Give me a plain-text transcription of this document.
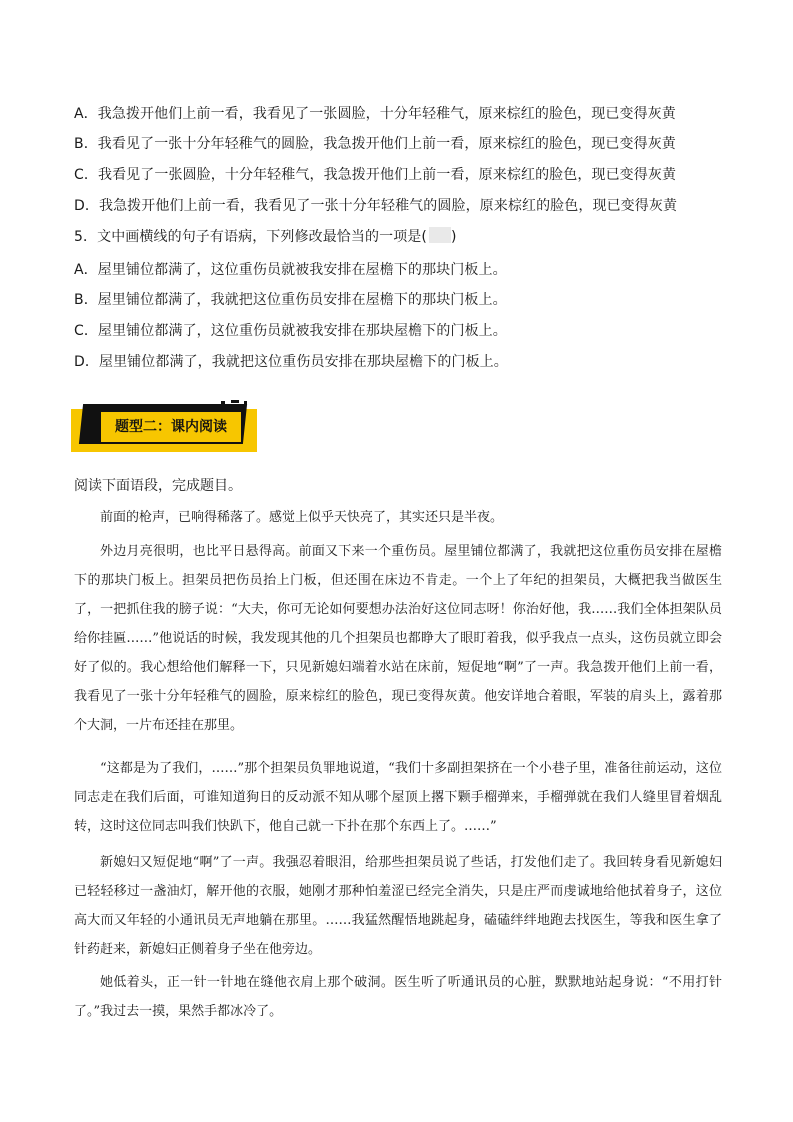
A．我急拨开他们上前一看，我看见了一张圆脸，十分年轻稚气，原来棕红的脸色，现已变得灰黄
B．我看见了一张十分年轻稚气的圆脸，我急拨开他们上前一看，原来棕红的脸色，现已变得灰黄
C．我看见了一张圆脸，十分年轻稚气，我急拨开他们上前一看，原来棕红的脸色，现已变得灰黄
D．我急拨开他们上前一看，我看见了一张十分年轻稚气的圆脸，原来棕红的脸色，现已变得灰黄
5．文中画横线的句子有语病，下列修改最恰当的一项是( )
A．屋里铺位都满了，这位重伤员就被我安排在屋檐下的那块门板上。
B．屋里铺位都满了，我就把这位重伤员安排在屋檐下的那块门板上。
C．屋里铺位都满了，这位重伤员就被我安排在那块屋檐下的门板上。
D．屋里铺位都满了，我就把这位重伤员安排在那块屋檐下的门板上。
题型二：课内阅读
阅读下面语段，完成题目。

前面的枪声，已响得稀落了。感觉上似乎天快亮了，其实还只是半夜。

外边月亮很明，也比平日悬得高。前面又下来一个重伤员。屋里铺位都满了，我就把这位重伤员安排在屋檐下的那块门板上。担架员把伤员抬上门板，但还围在床边不肯走。一个上了年纪的担架员，大概把我当做医生了，一把抓住我的膀子说：“大夫，你可无论如何要想办法治好这位同志呀！你治好他，我……我们全体担架队员给你挂匾……”他说话的时候，我发现其他的几个担架员也都睁大了眼盯着我，似乎我点一点头，这伤员就立即会好了似的。我心想给他们解释一下，只见新媳妇端着水站在床前，短促地“啊”了一声。我急拨开他们上前一看，我看见了一张十分年轻稚气的圆脸，原来棕红的脸色，现已变得灰黄。他安详地合着眼，军装的肩头上，露着那个大洞，一片布还挂在那里。

“这都是为了我们，……”那个担架员负罪地说道，“我们十多副担架挤在一个小巷子里，准备往前运动，这位同志走在我们后面，可谁知道狗日的反动派不知从哪个屋顶上撂下颗手榴弹来，手榴弹就在我们人缝里冒着烟乱转，这时这位同志叫我们快趴下，他自己就一下扑在那个东西上了。……”

新媳妇又短促地“啊”了一声。我强忍着眼泪，给那些担架员说了些话，打发他们走了。我回转身看见新媳妇已轻轻移过一盏油灯，解开他的衣服，她刚才那种怕羞涩已经完全消失，只是庄严而虔诚地给他拭着身子，这位高大而又年轻的小通讯员无声地躺在那里。……我猛然醒悟地跳起身，磕磕绊绊地跑去找医生，等我和医生拿了针药赶来，新媳妇正侧着身子坐在他旁边。

她低着头，正一针一针地在缝他衣肩上那个破洞。医生听了听通讯员的心脏，默默地站起身说：“不用打针了。”我过去一摸，果然手都冰冷了。
